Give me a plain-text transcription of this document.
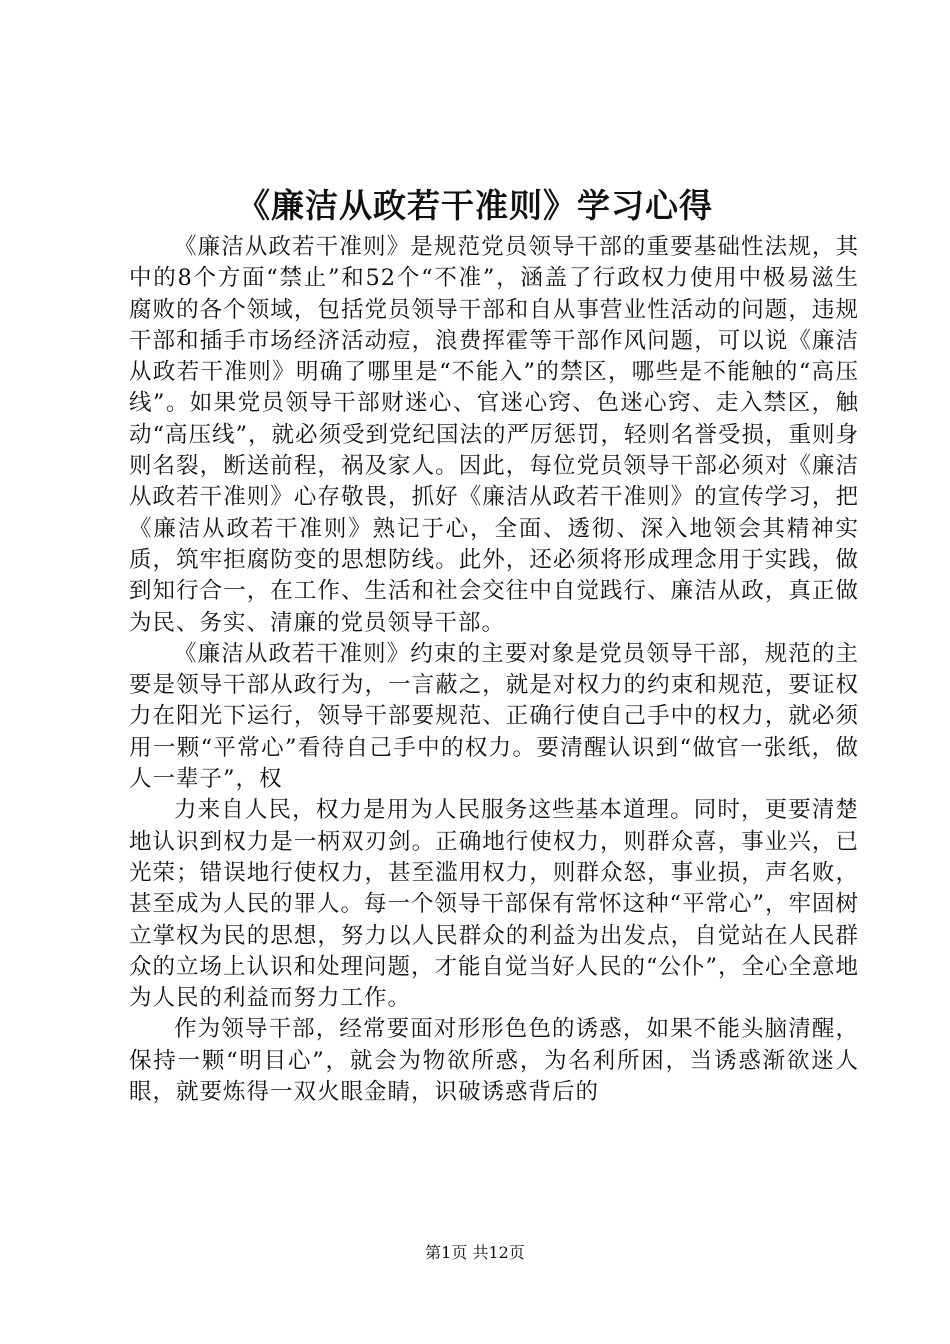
《廉洁从政若干准则》学习心得

《廉洁从政若干准则》是规范党员领导干部的重要基础性法规，其中的8个方面“禁止”和52个“不准”，涵盖了行政权力使用中极易滋生腐败的各个领域，包括党员领导干部和自从事营业性活动的问题，违规干部和插手市场经济活动痘，浪费挥霍等干部作风问题，可以说《廉洁从政若干准则》明确了哪里是“不能入”的禁区，哪些是不能触的“高压线”。如果党员领导干部财迷心、官迷心窍、色迷心窍、走入禁区，触动“高压线”，就必须受到党纪国法的严厉惩罚，轻则名誉受损，重则身则名裂，断送前程，祸及家人。因此，每位党员领导干部必须对《廉洁从政若干准则》心存敬畏，抓好《廉洁从政若干准则》的宣传学习，把《廉洁从政若干准则》熟记于心，全面、透彻、深入地领会其精神实质，筑牢拒腐防变的思想防线。此外，还必须将形成理念用于实践，做到知行合一，在工作、生活和社会交往中自觉践行、廉洁从政，真正做为民、务实、清廉的党员领导干部。

《廉洁从政若干准则》约束的主要对象是党员领导干部，规范的主要是领导干部从政行为，一言蔽之，就是对权力的约束和规范，要证权力在阳光下运行，领导干部要规范、正确行使自己手中的权力，就必须用一颗“平常心”看待自己手中的权力。要清醒认识到“做官一张纸，做人一辈子”，权

力来自人民，权力是用为人民服务这些基本道理。同时，更要清楚地认识到权力是一柄双刃剑。正确地行使权力，则群众喜，事业兴，已光荣；错误地行使权力，甚至滥用权力，则群众怒，事业损，声名败，甚至成为人民的罪人。每一个领导干部保有常怀这种“平常心”，牢固树立掌权为民的思想，努力以人民群众的利益为出发点，自觉站在人民群众的立场上认识和处理问题，才能自觉当好人民的“公仆”，全心全意地为人民的利益而努力工作。

作为领导干部，经常要面对形形色色的诱惑，如果不能头脑清醒，保持一颗“明目心”，就会为物欲所惑，为名利所困，当诱惑渐欲迷人眼，就要炼得一双火眼金睛，识破诱惑背后的

第1页 共12页
